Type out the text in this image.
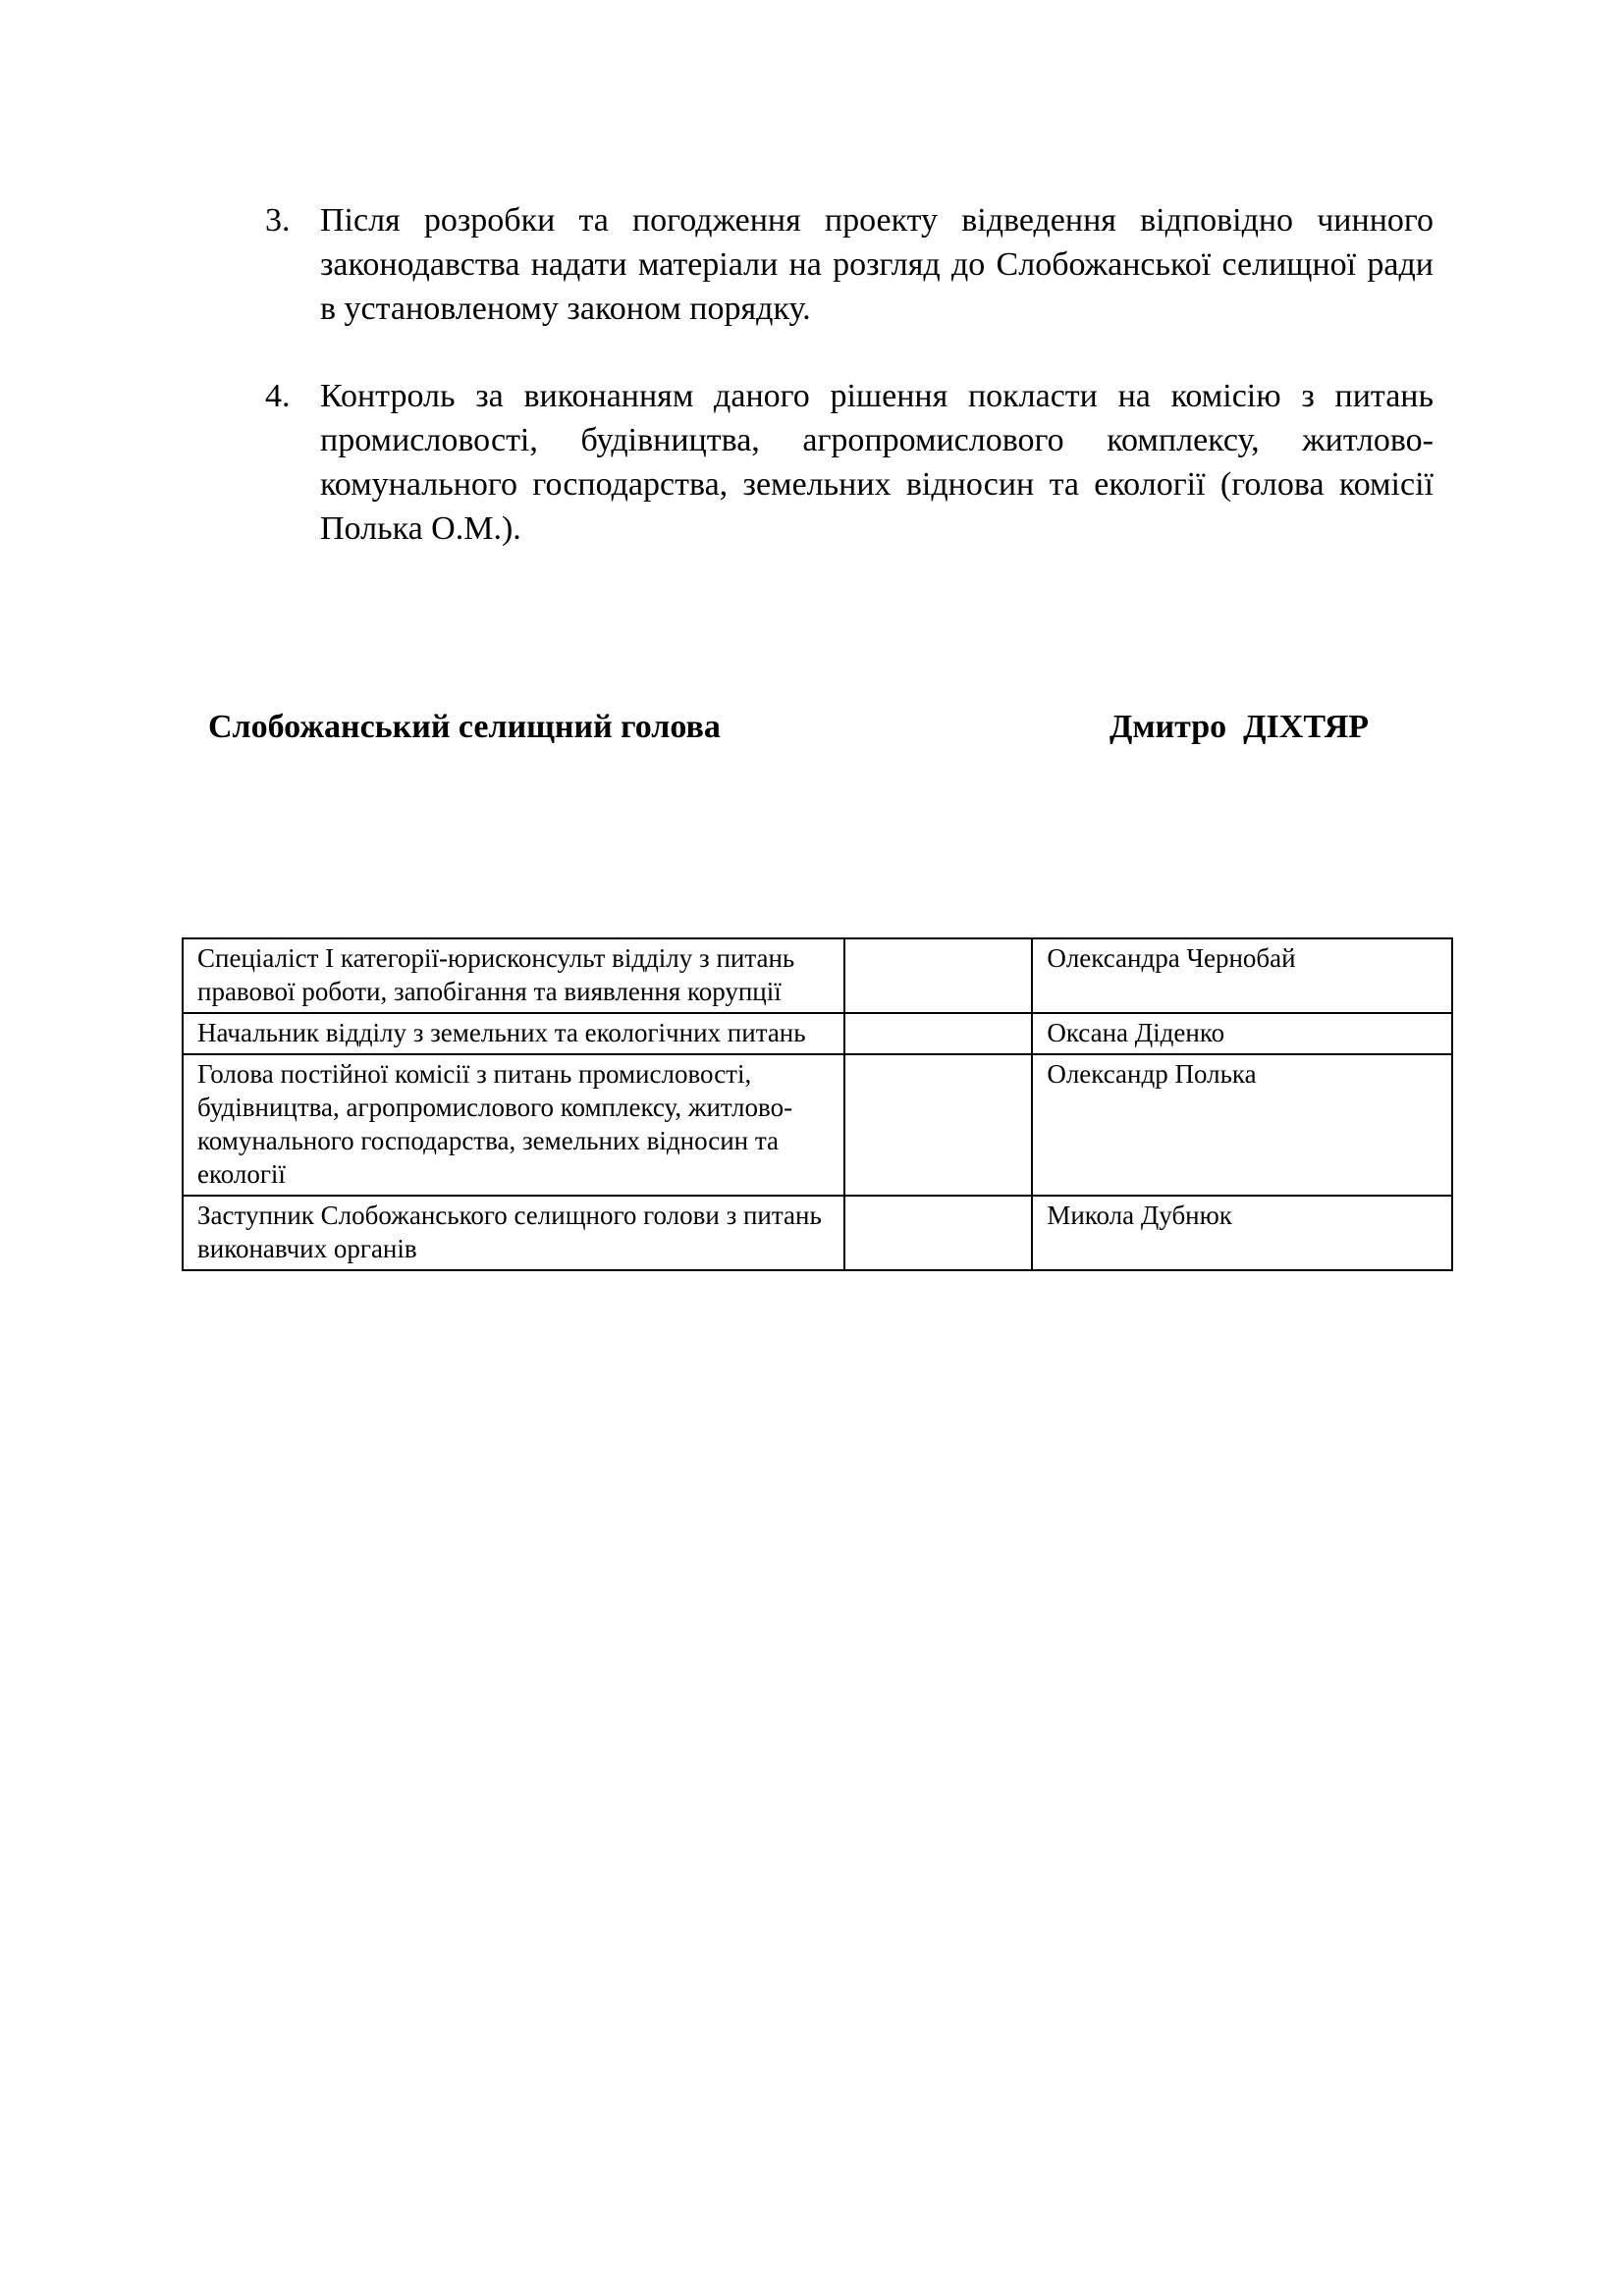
3. Після розробки та погодження проекту відведення відповідно чинного законодавства надати матеріали на розгляд до Слобожанської селищної ради в установленому законом порядку.
4. Контроль за виконанням даного рішення покласти на комісію з питань промисловості, будівництва, агропромислового комплексу, житлово-комунального господарства, земельних відносин та екології (голова комісії Полька О.М.).
Слобожанський селищний голова	Дмитро  ДІХТЯР
Спеціаліст І категорії-юрисконсульт відділу з питань правової роботи, запобігання та виявлення корупції		Олександра Чернобай
Начальник відділу з земельних та екологічних питань		Оксана Діденко
Голова постійної комісії з питань промисловості, будівництва, агропромислового комплексу, житлово-комунального господарства, земельних відносин та екології		Олександр Полька
Заступник Слобожанського селищного голови з питань виконавчих органів		Микола Дубнюк
